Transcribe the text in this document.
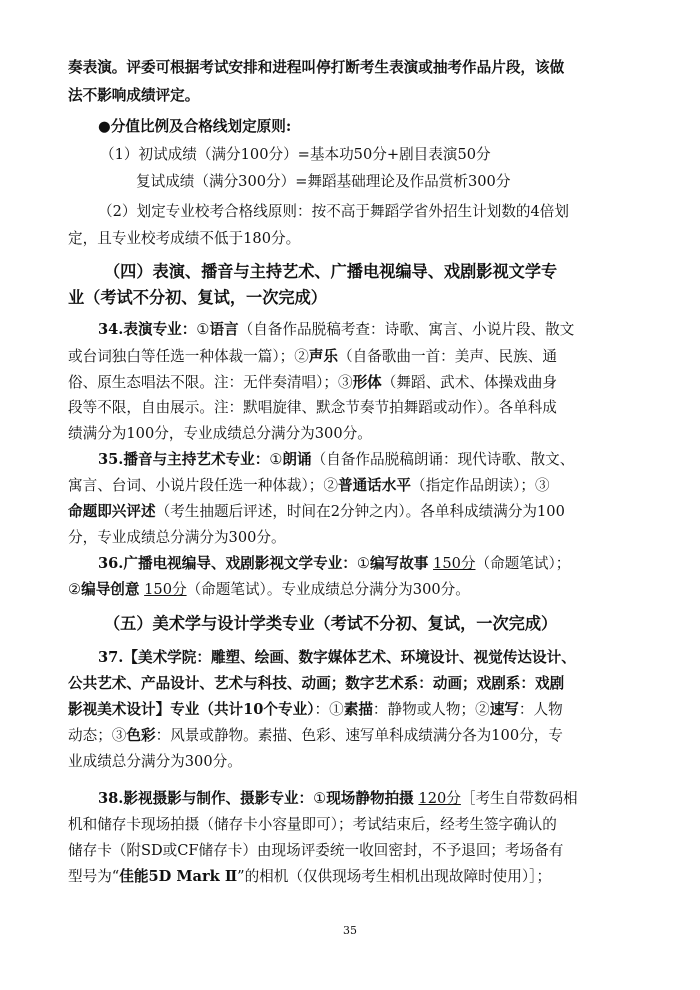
奏表演。评委可根据考试安排和进程叫停打断考生表演或抽考作品片段，该做
法不影响成绩评定。
●分值比例及合格线划定原则:
（1）初试成绩（满分100分）=基本功50分+剧目表演50分
复试成绩（满分300分）=舞蹈基础理论及作品赏析300分
（2）划定专业校考合格线原则：按不高于舞蹈学省外招生计划数的4倍划
定，且专业校考成绩不低于180分。
（四）表演、播音与主持艺术、广播电视编导、戏剧影视文学专
业（考试不分初、复试，一次完成）
34.表演专业：①语言（自备作品脱稿考查：诗歌、寓言、小说片段、散文
或台词独白等任选一种体裁一篇）；②声乐（自备歌曲一首：美声、民族、通
俗、原生态唱法不限。注：无伴奏清唱）；③形体（舞蹈、武术、体操戏曲身
段等不限，自由展示。注：默唱旋律、默念节奏节拍舞蹈或动作）。各单科成
绩满分为100分，专业成绩总分满分为300分。
35.播音与主持艺术专业：①朗诵（自备作品脱稿朗诵：现代诗歌、散文、
寓言、台词、小说片段任选一种体裁）；②普通话水平（指定作品朗读）；③
命题即兴评述（考生抽题后评述，时间在2分钟之内）。各单科成绩满分为100
分，专业成绩总分满分为300分。
36.广播电视编导、戏剧影视文学专业：①编写故事 150分（命题笔试）；
②编导创意 150分（命题笔试）。专业成绩总分满分为300分。
（五）美术学与设计学类专业（考试不分初、复试，一次完成）
37.【美术学院：雕塑、绘画、数字媒体艺术、环境设计、视觉传达设计、
公共艺术、产品设计、艺术与科技、动画；数字艺术系：动画；戏剧系：戏剧
影视美术设计】专业（共计10个专业）：①素描：静物或人物；②速写：人物
动态；③色彩：风景或静物。素描、色彩、速写单科成绩满分各为100分，专
业成绩总分满分为300分。
38.影视摄影与制作、摄影专业：①现场静物拍摄 120分［考生自带数码相
机和储存卡现场拍摄（储存卡小容量即可）；考试结束后，经考生签字确认的
储存卡（附SD或CF储存卡）由现场评委统一收回密封，不予退回；考场备有
型号为“佳能5D Mark Ⅱ”的相机（仅供现场考生相机出现故障时使用）］；
35
